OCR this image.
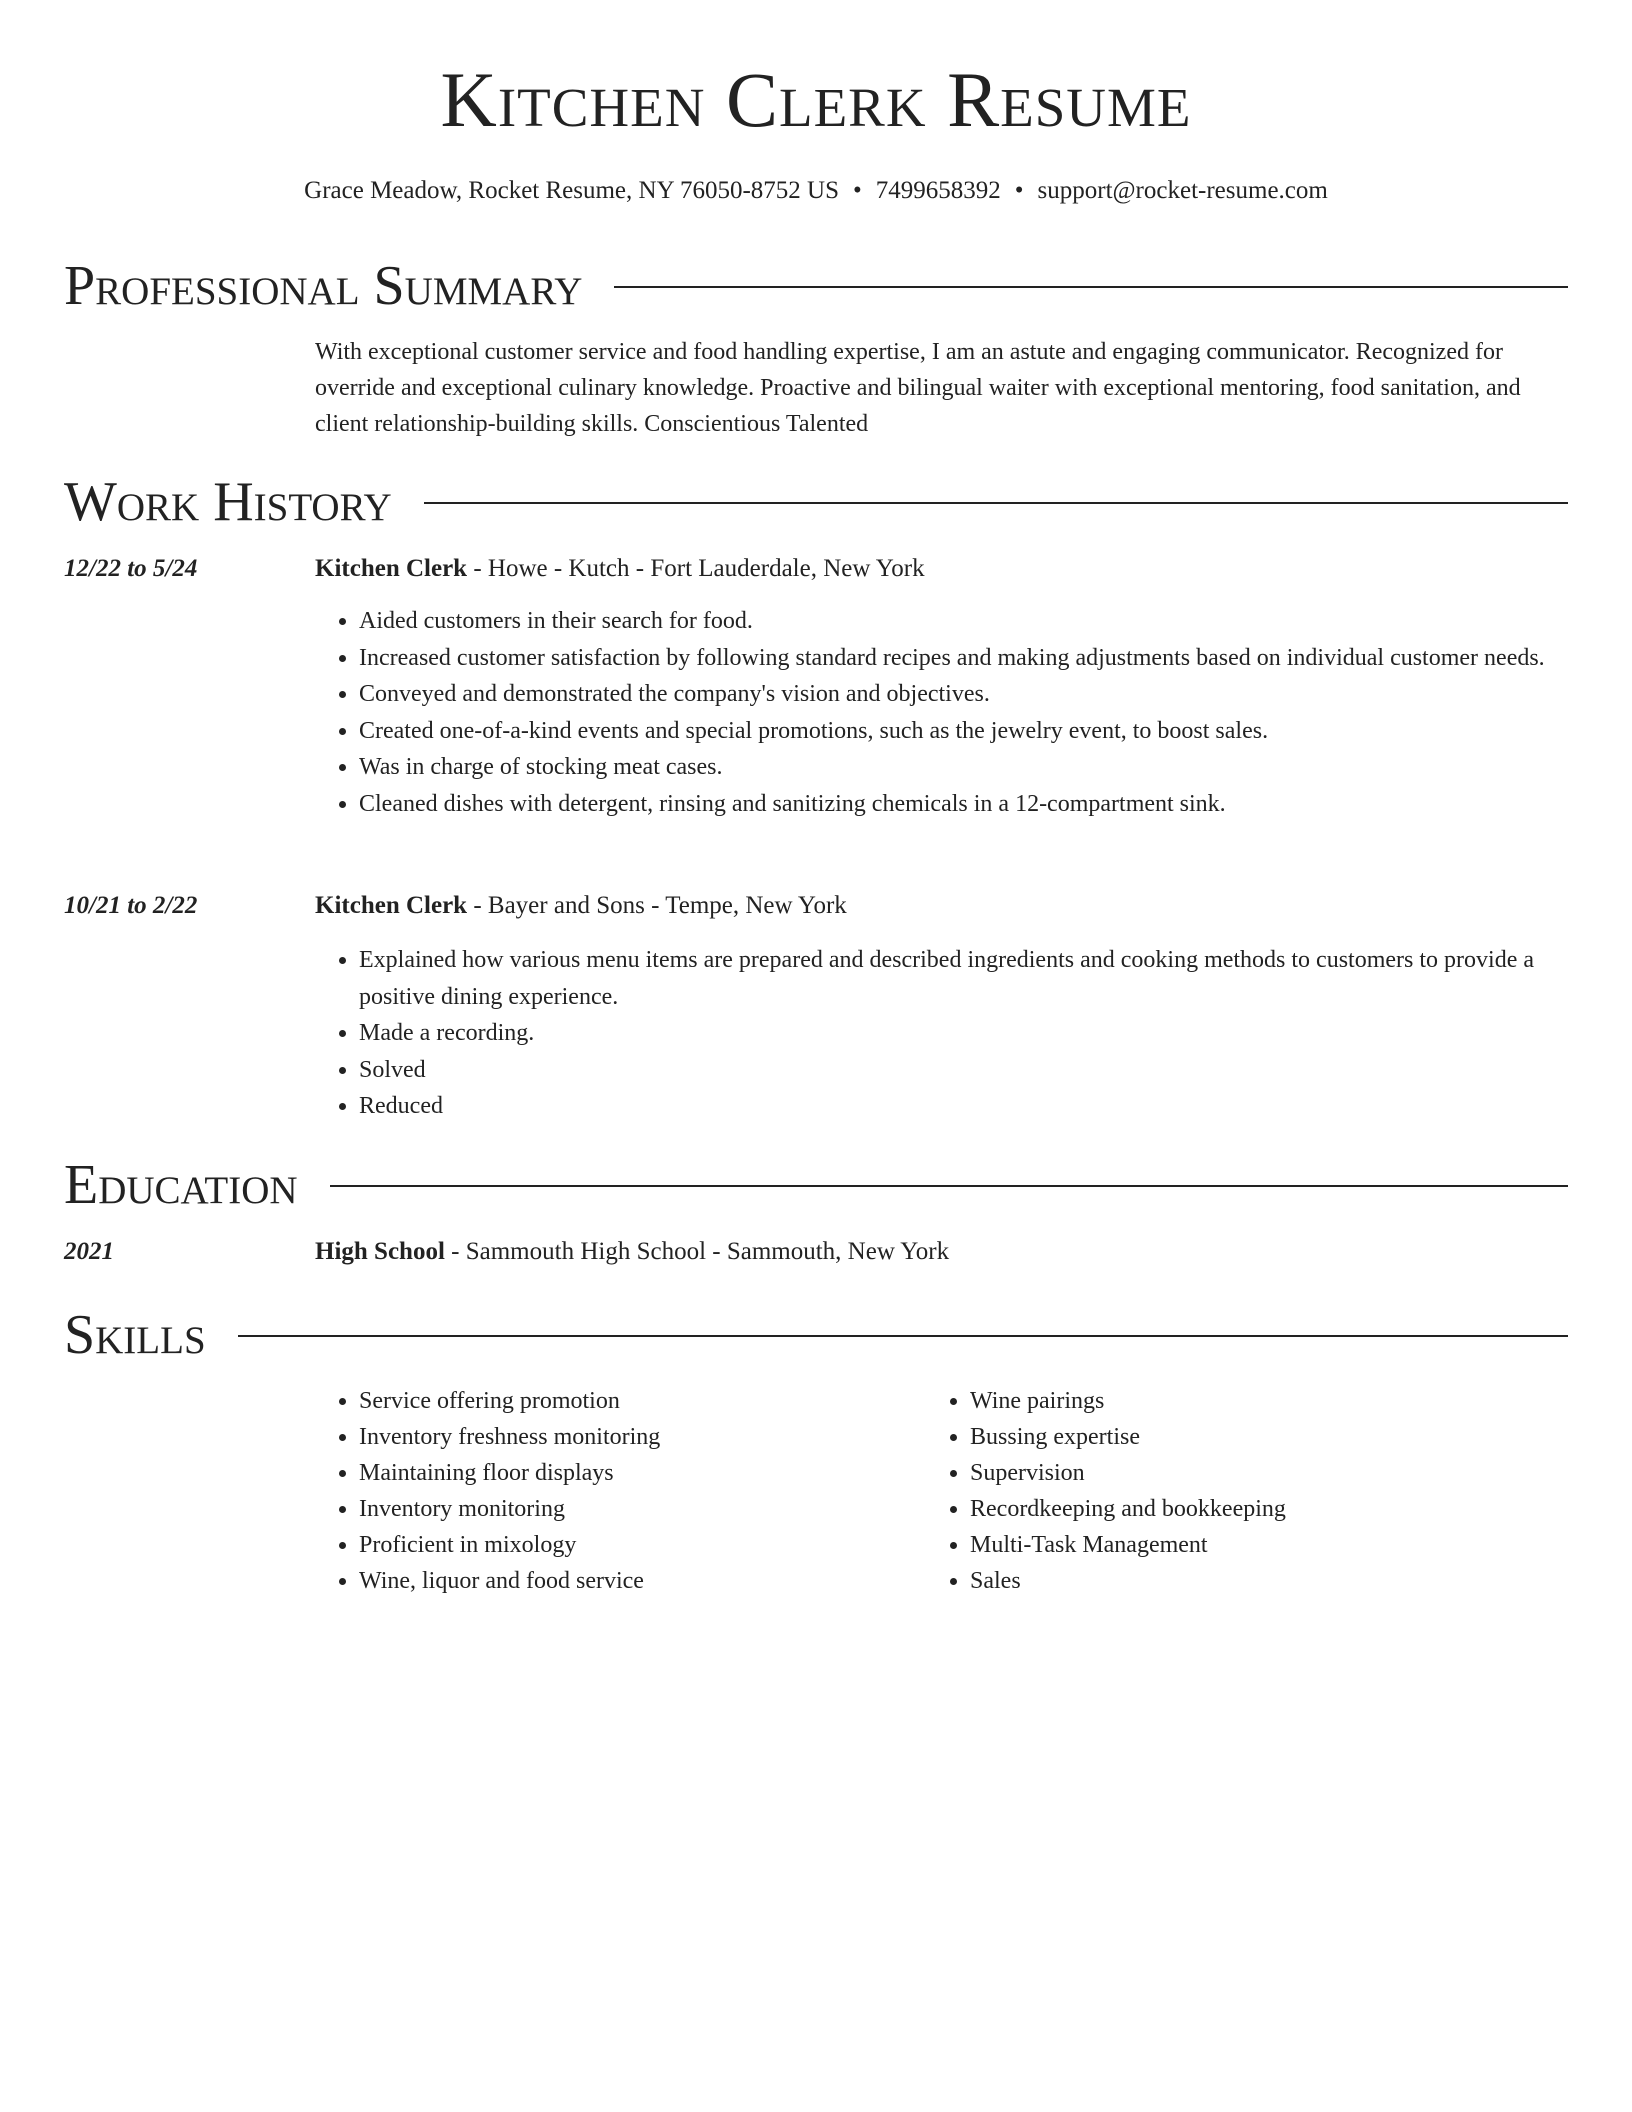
Kitchen Clerk Resume
Grace Meadow, Rocket Resume, NY 76050-8752 US • 7499658392 • support@rocket-resume.com
Professional Summary
With exceptional customer service and food handling expertise, I am an astute and engaging communicator. Recognized for override and exceptional culinary knowledge. Proactive and bilingual waiter with exceptional mentoring, food sanitation, and client relationship-building skills. Conscientious Talented
Work History
12/22 to 5/24	Kitchen Clerk - Howe - Kutch - Fort Lauderdale, New York
• Aided customers in their search for food.
• Increased customer satisfaction by following standard recipes and making adjustments based on individual customer needs.
• Conveyed and demonstrated the company's vision and objectives.
• Created one-of-a-kind events and special promotions, such as the jewelry event, to boost sales.
• Was in charge of stocking meat cases.
• Cleaned dishes with detergent, rinsing and sanitizing chemicals in a 12-compartment sink.
10/21 to 2/22	Kitchen Clerk - Bayer and Sons - Tempe, New York
• Explained how various menu items are prepared and described ingredients and cooking methods to customers to provide a positive dining experience.
• Made a recording.
• Solved
• Reduced
Education
2021	High School - Sammouth High School - Sammouth, New York
Skills
• Service offering promotion
• Inventory freshness monitoring
• Maintaining floor displays
• Inventory monitoring
• Proficient in mixology
• Wine, liquor and food service
• Wine pairings
• Bussing expertise
• Supervision
• Recordkeeping and bookkeeping
• Multi-Task Management
• Sales
